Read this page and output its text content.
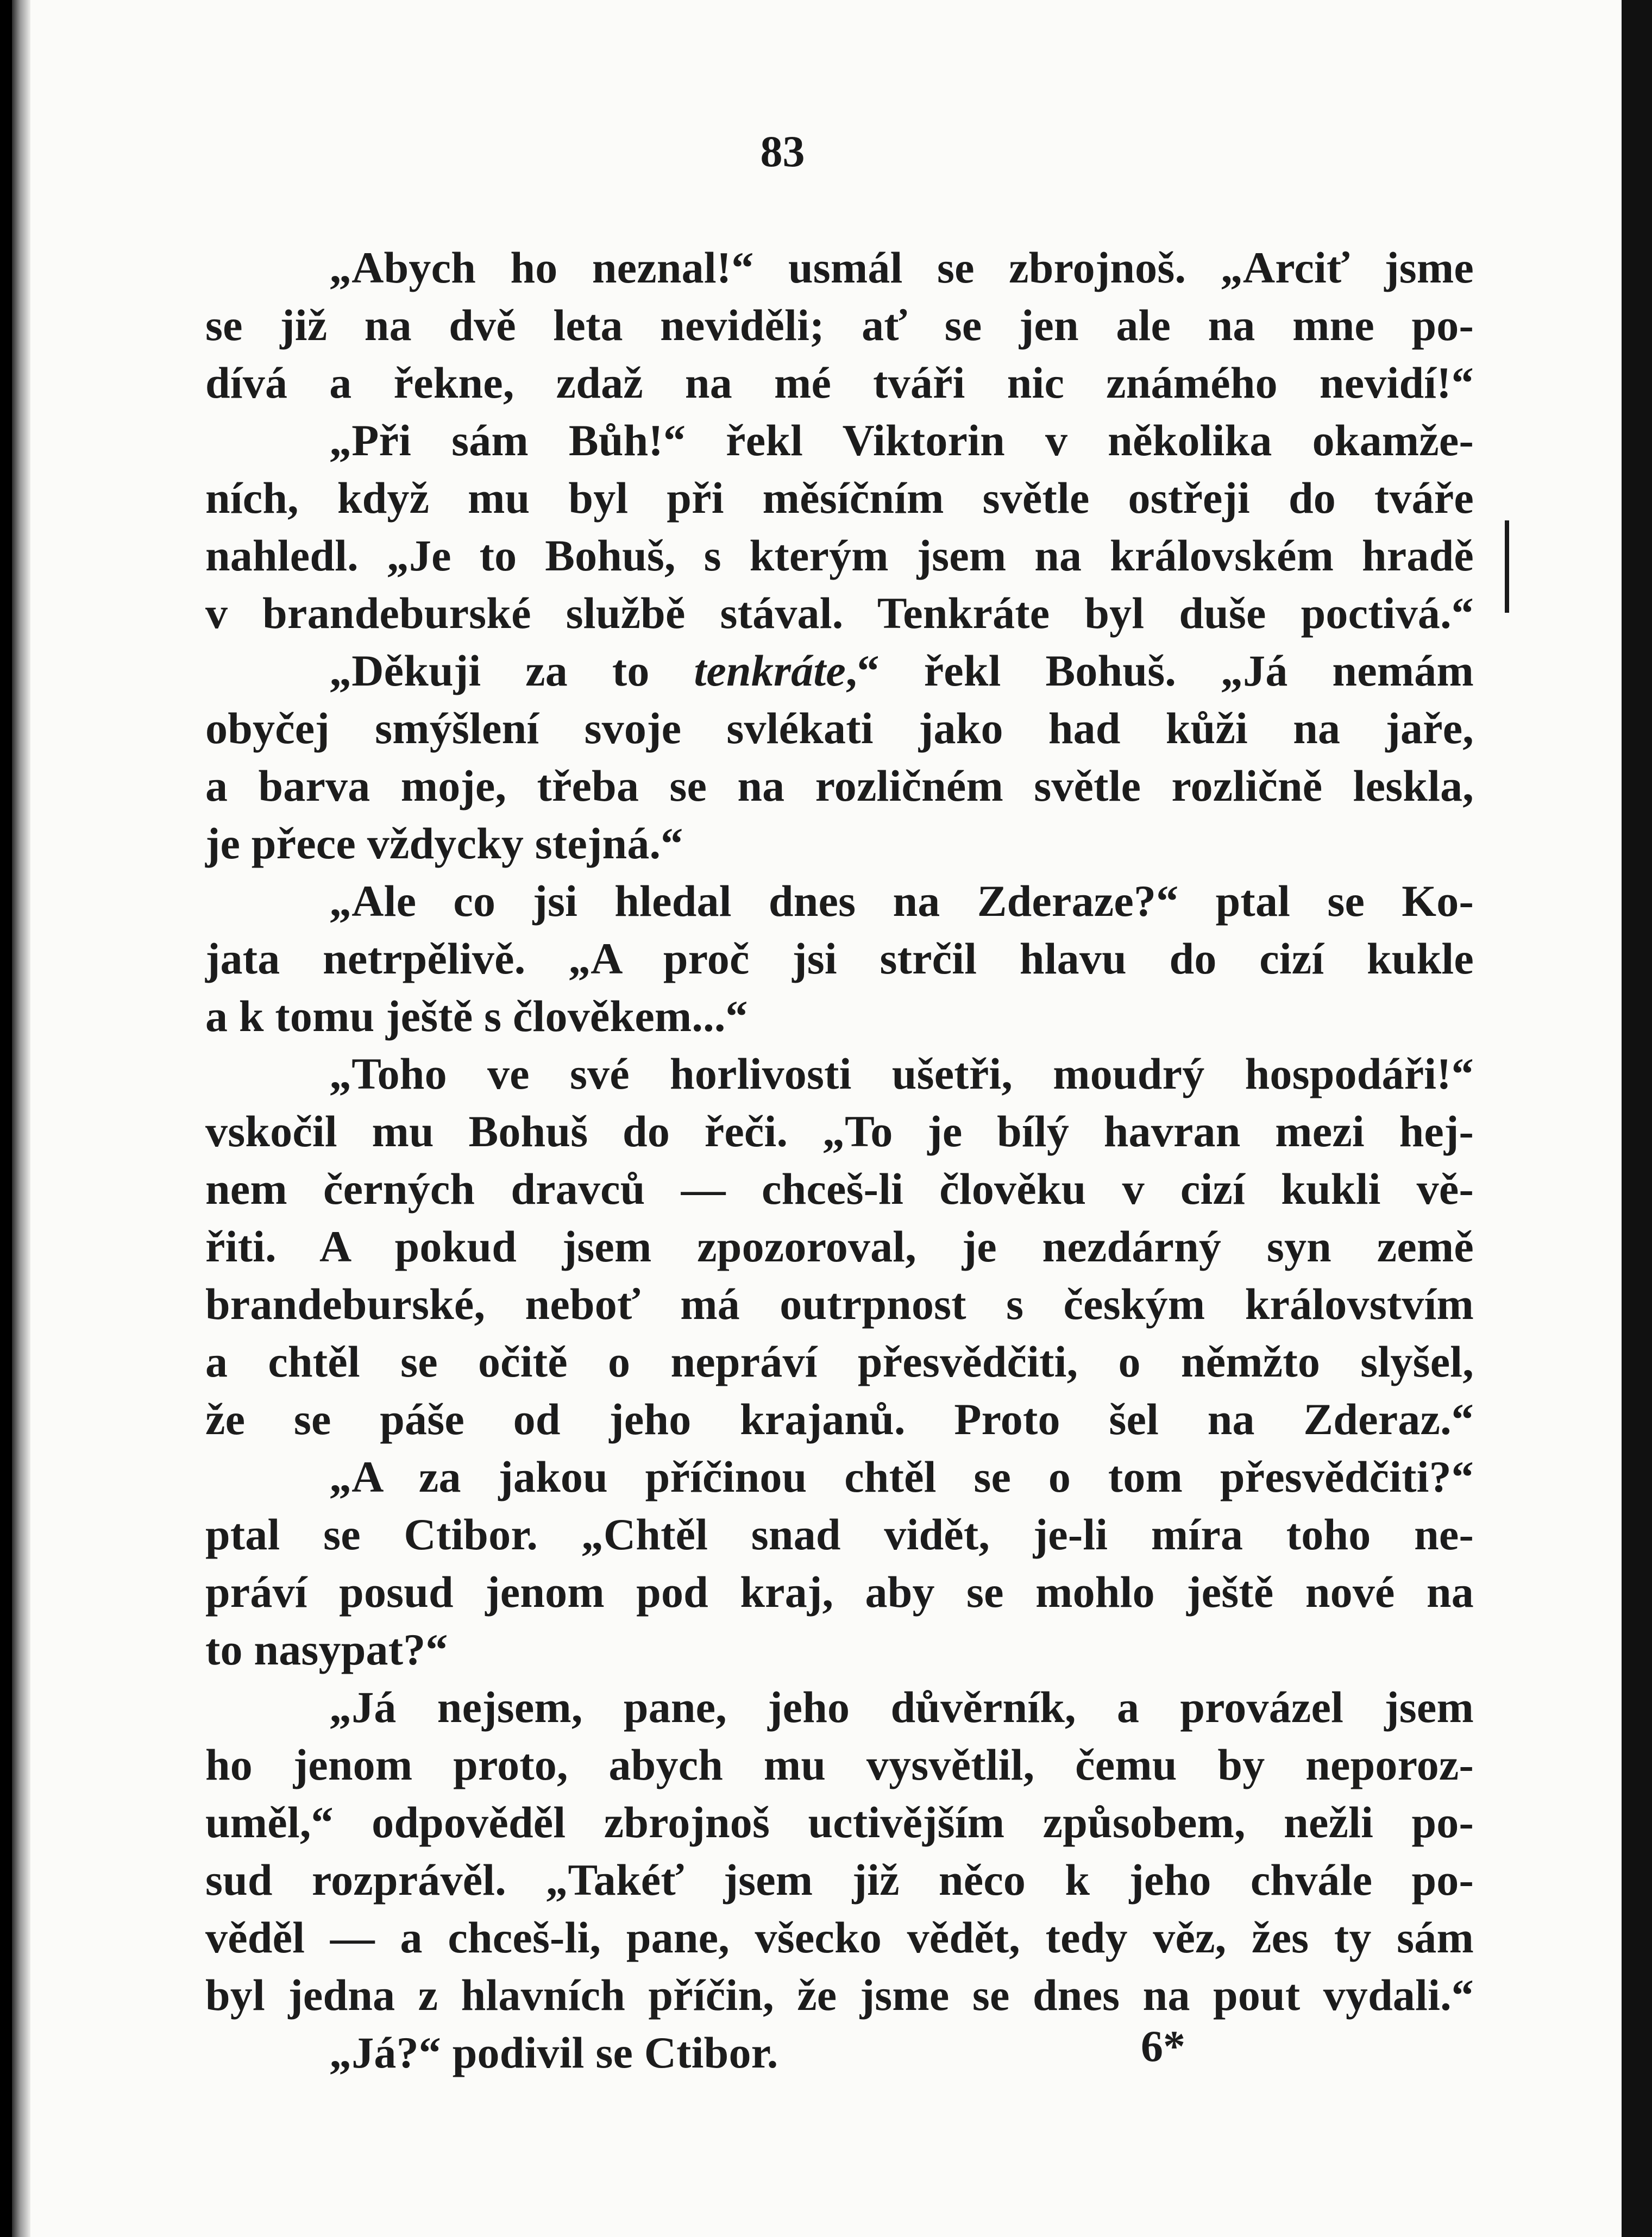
83
„Abych ho neznal!“ usmál se zbrojnoš. „Arciť jsme
se již na dvě leta neviděli; ať se jen ale na mne po-
dívá a řekne, zdaž na mé tváři nic známého nevidí!“
„Při sám Bůh!“ řekl Viktorin v několika okamže-
ních, když mu byl při měsíčním světle ostřeji do tváře
nahledl. „Je to Bohuš, s kterým jsem na královském hradě
v brandeburské službě stával. Tenkráte byl duše poctivá.“
„Děkuji za to tenkráte,“ řekl Bohuš. „Já nemám
obyčej smýšlení svoje svlékati jako had kůži na jaře,
a barva moje, třeba se na rozličném světle rozličně leskla,
je přece vždycky stejná.“
„Ale co jsi hledal dnes na Zderaze?“ ptal se Ko-
jata netrpělivě. „A proč jsi strčil hlavu do cizí kukle
a k tomu ještě s člověkem...“
„Toho ve své horlivosti ušetři, moudrý hospodáři!“
vskočil mu Bohuš do řeči. „To je bílý havran mezi hej-
nem černých dravců — chceš-li člověku v cizí kukli vě-
řiti. A pokud jsem zpozoroval, je nezdárný syn země
brandeburské, neboť má outrpnost s českým královstvím
a chtěl se očitě o nepráví přesvědčiti, o němžto slyšel,
že se páše od jeho krajanů. Proto šel na Zderaz.“
„A za jakou příčinou chtěl se o tom přesvědčiti?“
ptal se Ctibor. „Chtěl snad vidět, je-li míra toho ne-
práví posud jenom pod kraj, aby se mohlo ještě nové na
to nasypat?“
„Já nejsem, pane, jeho důvěrník, a provázel jsem
ho jenom proto, abych mu vysvětlil, čemu by neporoz-
uměl,“ odpověděl zbrojnoš uctivějším způsobem, nežli po-
sud rozprávěl. „Takéť jsem již něco k jeho chvále po-
věděl — a chceš-li, pane, všecko vědět, tedy věz, žes ty sám
byl jedna z hlavních příčin, že jsme se dnes na pout vydali.“
„Já?“ podivil se Ctibor.	6*
